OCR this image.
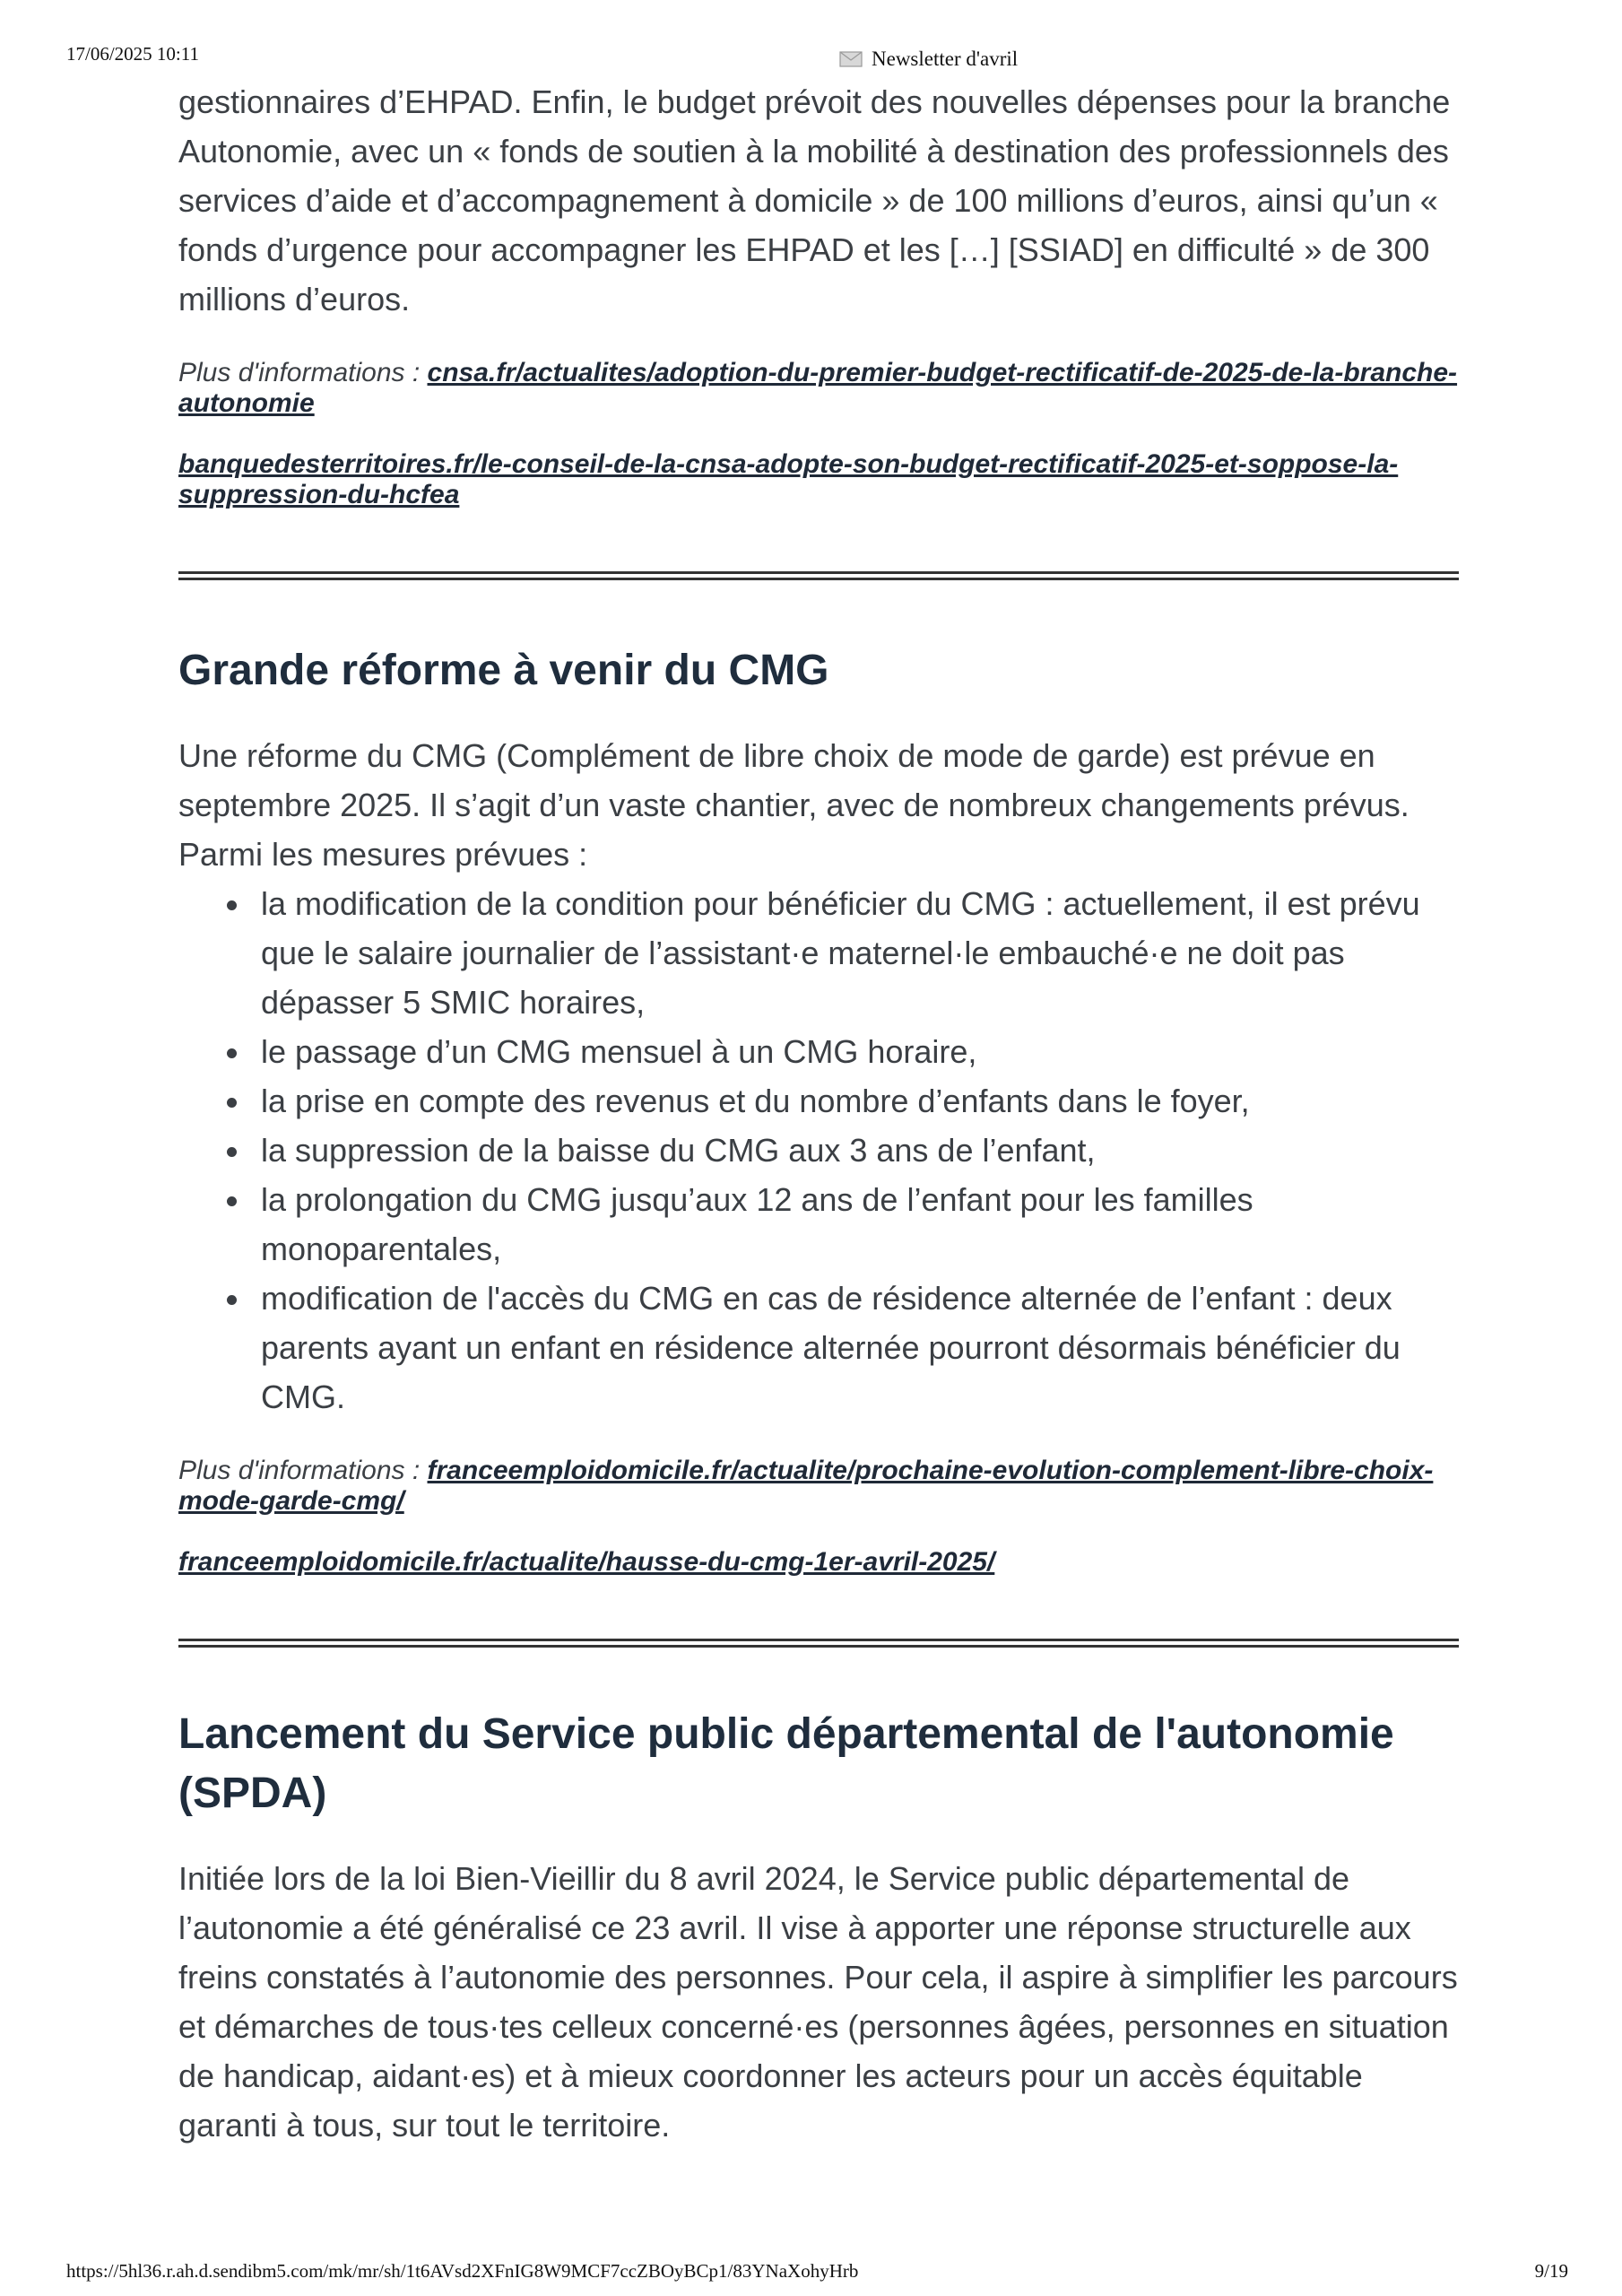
17/06/2025 10:11	Newsletter d'avril

gestionnaires d’EHPAD. Enfin, le budget prévoit des nouvelles dépenses pour la branche Autonomie, avec un « fonds de soutien à la mobilité à destination des professionnels des services d’aide et d’accompagnement à domicile » de 100 millions d’euros, ainsi qu’un « fonds d’urgence pour accompagner les EHPAD et les […] [SSIAD] en difficulté » de 300 millions d’euros.

Plus d'informations : cnsa.fr/actualites/adoption-du-premier-budget-rectificatif-de-2025-de-la-branche-autonomie

banquedesterritoires.fr/le-conseil-de-la-cnsa-adopte-son-budget-rectificatif-2025-et-soppose-la-suppression-du-hcfea

Grande réforme à venir du CMG

Une réforme du CMG (Complément de libre choix de mode de garde) est prévue en septembre 2025. Il s’agit d’un vaste chantier, avec de nombreux changements prévus. Parmi les mesures prévues :

la modification de la condition pour bénéficier du CMG : actuellement, il est prévu que le salaire journalier de l’assistant·e maternel·le embauché·e ne doit pas dépasser 5 SMIC horaires,
le passage d’un CMG mensuel à un CMG horaire,
la prise en compte des revenus et du nombre d’enfants dans le foyer,
la suppression de la baisse du CMG aux 3 ans de l’enfant,
la prolongation du CMG jusqu’aux 12 ans de l’enfant pour les familles monoparentales,
modification de l'accès du CMG en cas de résidence alternée de l’enfant : deux parents ayant un enfant en résidence alternée pourront désormais bénéficier du CMG.

Plus d'informations : franceemploidomicile.fr/actualite/prochaine-evolution-complement-libre-choix-mode-garde-cmg/

franceemploidomicile.fr/actualite/hausse-du-cmg-1er-avril-2025/

Lancement du Service public départemental de l'autonomie (SPDA)

Initiée lors de la loi Bien-Vieillir du 8 avril 2024, le Service public départemental de l’autonomie a été généralisé ce 23 avril. Il vise à apporter une réponse structurelle aux freins constatés à l’autonomie des personnes. Pour cela, il aspire à simplifier les parcours et démarches de tous·tes celleux concerné·es (personnes âgées, personnes en situation de handicap, aidant·es) et à mieux coordonner les acteurs pour un accès équitable garanti à tous, sur tout le territoire.

https://5hl36.r.ah.d.sendibm5.com/mk/mr/sh/1t6AVsd2XFnIG8W9MCF7ccZBOyBCp1/83YNaXohyHrb	9/19
